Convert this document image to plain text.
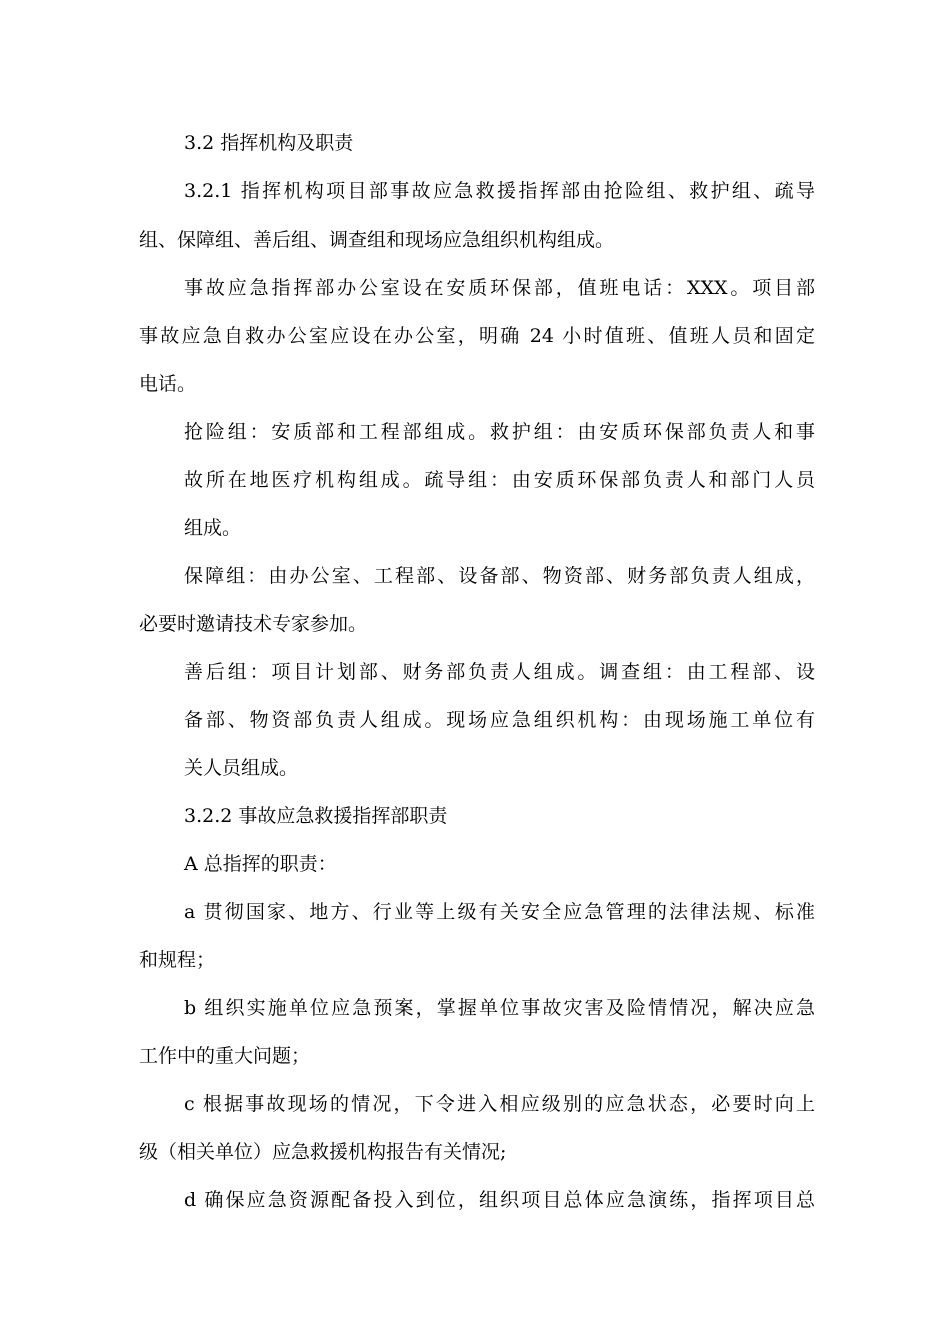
3.2 指挥机构及职责

3.2.1 指挥机构项目部事故应急救援指挥部由抢险组、救护组、疏导

组、保障组、善后组、调查组和现场应急组织机构组成。

事故应急指挥部办公室设在安质环保部，值班电话：XXX。项目部

事故应急自救办公室应设在办公室，明确 24 小时值班、值班人员和固定

电话。

抢险组：安质部和工程部组成。救护组：由安质环保部负责人和事

故所在地医疗机构组成。疏导组：由安质环保部负责人和部门人员

组成。

保障组：由办公室、工程部、设备部、物资部、财务部负责人组成，

必要时邀请技术专家参加。

善后组：项目计划部、财务部负责人组成。调查组：由工程部、设

备部、物资部负责人组成。现场应急组织机构：由现场施工单位有

关人员组成。

3.2.2 事故应急救援指挥部职责

A 总指挥的职责：

a 贯彻国家、地方、行业等上级有关安全应急管理的法律法规、标准

和规程；

b 组织实施单位应急预案，掌握单位事故灾害及险情情况，解决应急

工作中的重大问题；

c 根据事故现场的情况，下令进入相应级别的应急状态，必要时向上

级（相关单位）应急救援机构报告有关情况;

d 确保应急资源配备投入到位，组织项目总体应急演练，指挥项目总
